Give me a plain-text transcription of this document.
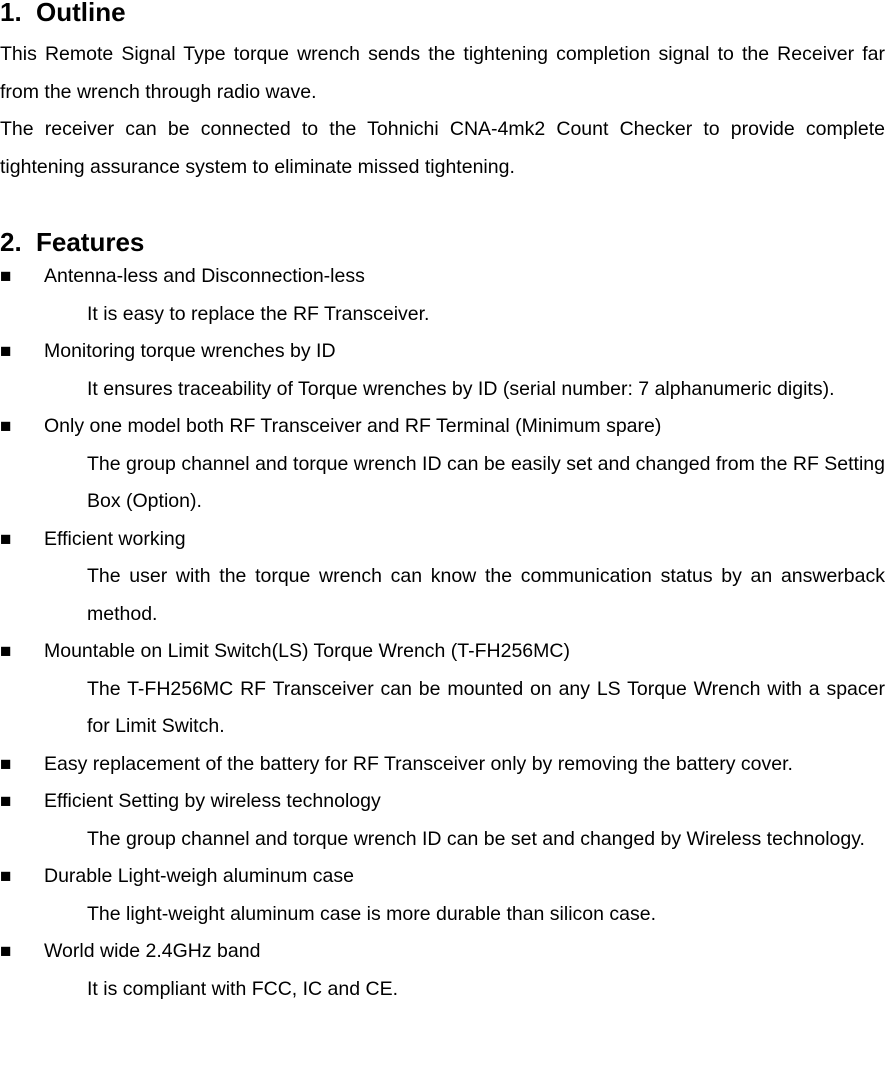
1. Outline

This Remote Signal Type torque wrench sends the tightening completion signal to the Receiver far from the wrench through radio wave.

The receiver can be connected to the Tohnichi CNA-4mk2 Count Checker to provide complete tightening assurance system to eliminate missed tightening.

2. Features
■	Antenna-less and Disconnection-less

It is easy to replace the RF Transceiver.

■	Monitoring torque wrenches by ID

It ensures traceability of Torque wrenches by ID (serial number: 7 alphanumeric digits).

■	Only one model both RF Transceiver and RF Terminal (Minimum spare)

The group channel and torque wrench ID can be easily set and changed from the RF Setting Box (Option).

■	Efficient working

The user with the torque wrench can know the communication status by an answerback method.

■	Mountable on Limit Switch(LS) Torque Wrench (T-FH256MC)

The T-FH256MC RF Transceiver can be mounted on any LS Torque Wrench with a spacer for Limit Switch.

■	Easy replacement of the battery for RF Transceiver only by removing the battery cover.
■	Efficient Setting by wireless technology

The group channel and torque wrench ID can be set and changed by Wireless technology.

■	Durable Light-weigh aluminum case

The light-weight aluminum case is more durable than silicon case.

■	World wide 2.4GHz band

It is compliant with FCC, IC and CE.
